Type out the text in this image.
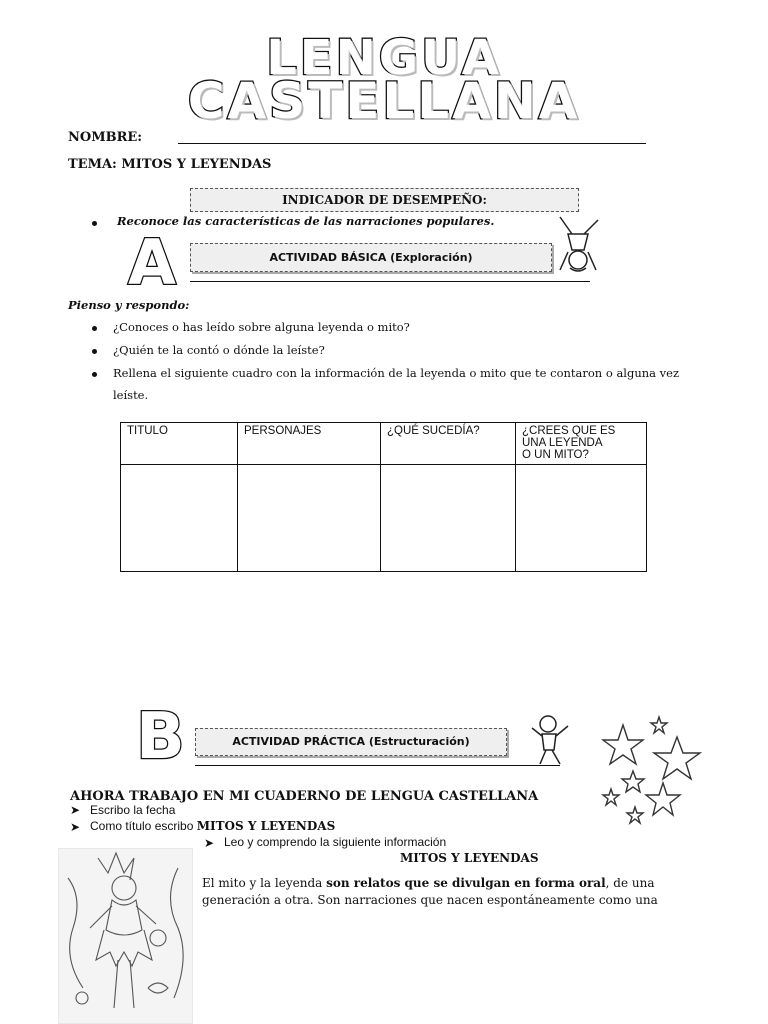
LENGUA
CASTELLANA
NOMBRE:
TEMA: MITOS Y LEYENDAS
INDICADOR DE DESEMPEÑO:
Reconoce las características de las narraciones populares.
A	ACTIVIDAD BÁSICA (Exploración)
Pienso y respondo:
¿Conoces o has leído sobre alguna leyenda o mito?
¿Quién te la contó o dónde la leíste?
Rellena el siguiente cuadro con la información de la leyenda o mito que te contaron o alguna vez
leíste.
TITULO	PERSONAJES	¿QUÉ SUCEDÍA?	¿CREES QUE ES
UNA LEYENDA
O UN MITO?

B	ACTIVIDAD PRÁCTICA (Estructuración)
AHORA TRABAJO EN MI CUADERNO DE LENGUA CASTELLANA
➤ Escribo la fecha
➤ Como título escribo MITOS Y LEYENDAS
➤ Leo y comprendo la siguiente información
MITOS Y LEYENDAS
El mito y la leyenda son relatos que se divulgan en forma oral, de una
generación a otra. Son narraciones que nacen espontáneamente como una
